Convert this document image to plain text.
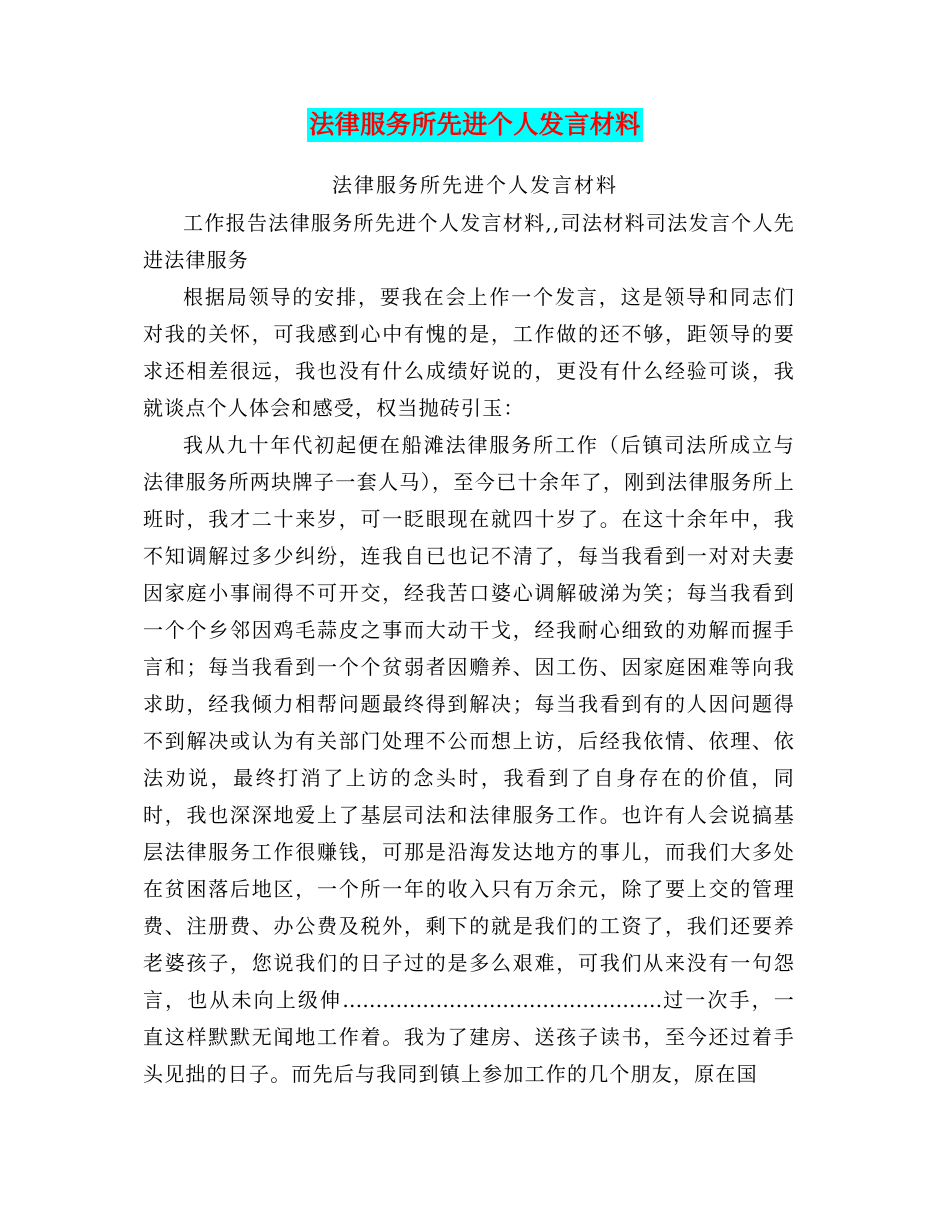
法律服务所先进个人发言材料
法律服务所先进个人发言材料

工作报告法律服务所先进个人发言材料,,司法材料司法发言个人先进法律服务

根据局领导的安排，要我在会上作一个发言，这是领导和同志们对我的关怀，可我感到心中有愧的是，工作做的还不够，距领导的要求还相差很远，我也没有什么成绩好说的，更没有什么经验可谈，我就谈点个人体会和感受，权当抛砖引玉：

我从九十年代初起便在船滩法律服务所工作（后镇司法所成立与法律服务所两块牌子一套人马），至今已十余年了，刚到法律服务所上班时，我才二十来岁，可一眨眼现在就四十岁了。在这十余年中，我不知调解过多少纠纷，连我自已也记不清了，每当我看到一对对夫妻因家庭小事闹得不可开交，经我苦口婆心调解破涕为笑；每当我看到一个个乡邻因鸡毛蒜皮之事而大动干戈，经我耐心细致的劝解而握手言和；每当我看到一个个贫弱者因赡养、因工伤、因家庭困难等向我求助，经我倾力相帮问题最终得到解决；每当我看到有的人因问题得不到解决或认为有关部门处理不公而想上访，后经我依情、依理、依法劝说，最终打消了上访的念头时，我看到了自身存在的价值，同时，我也深深地爱上了基层司法和法律服务工作。也许有人会说搞基层法律服务工作很赚钱，可那是沿海发达地方的事儿，而我们大多处在贫困落后地区，一个所一年的收入只有万余元，除了要上交的管理费、注册费、办公费及税外，剩下的就是我们的工资了，我们还要养老婆孩子，您说我们的日子过的是多么艰难，可我们从来没有一句怨言，也从未向上级伸…………………………………………过一次手，一直这样默默无闻地工作着。我为了建房、送孩子读书，至今还过着手头见拙的日子。而先后与我同到镇上参加工作的几个朋友，原在国
